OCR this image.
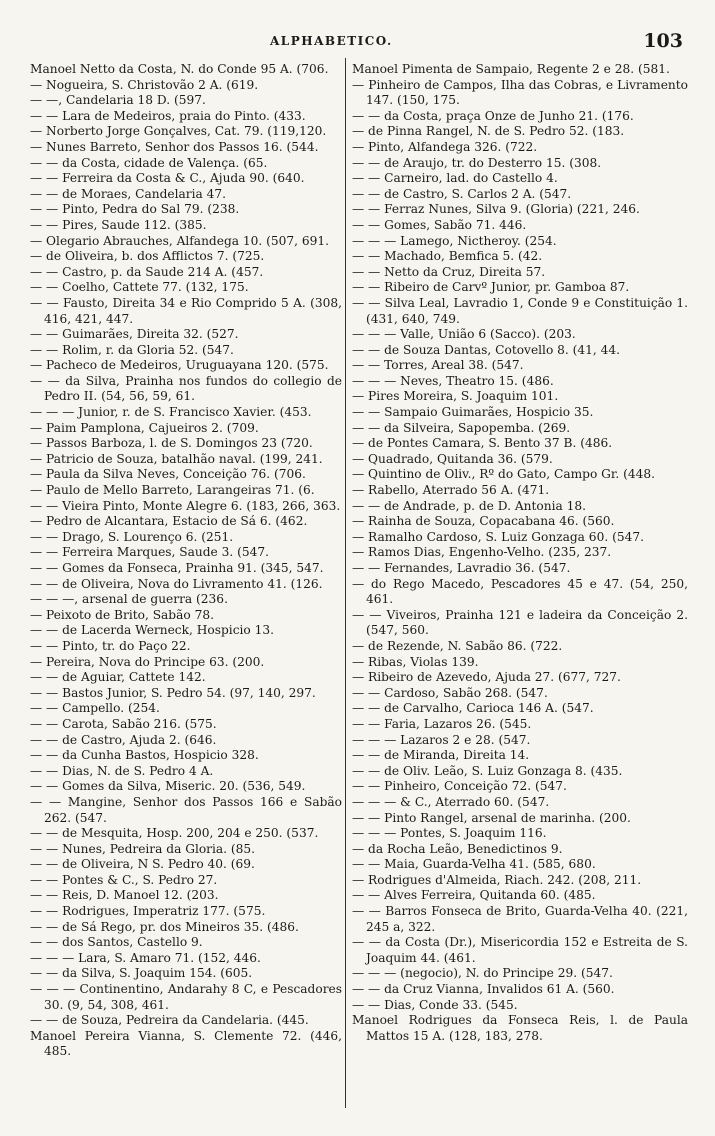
ALPHABETICO.	103
Manoel Netto da Costa, N. do Conde 95 A. (706.
— Nogueira, S. Christovão 2 A. (619.
— —, Candelaria 18 D. (597.
— — Lara de Medeiros, praia do Pinto. (433.
— Norberto Jorge Gonçalves, Cat. 79. (119,120.
— Nunes Barreto, Senhor dos Passos 16. (544.
— — da Costa, cidade de Valença. (65.
— — Ferreira da Costa & C., Ajuda 90. (640.
— — de Moraes, Candelaria 47.
— — Pinto, Pedra do Sal 79. (238.
— — Pires, Saude 112. (385.
— Olegario Abrauches, Alfandega 10. (507, 691.
— de Oliveira, b. dos Afflictos 7. (725.
— — Castro, p. da Saude 214 A. (457.
— — Coelho, Cattete 77. (132, 175.
— — Fausto, Direita 34 e Rio Comprido 5 A. (308, 416, 421, 447.
— — Guimarães, Direita 32. (527.
— — Rolim, r. da Gloria 52. (547.
— Pacheco de Medeiros, Uruguayana 120. (575.
— — da Silva, Prainha nos fundos do collegio de Pedro II. (54, 56, 59, 61.
— — — Junior, r. de S. Francisco Xavier. (453.
— Paim Pamplona, Cajueiros 2. (709.
— Passos Barboza, l. de S. Domingos 23 (720.
— Patricio de Souza, batalhão naval. (199, 241.
— Paula da Silva Neves, Conceição 76. (706.
— Paulo de Mello Barreto, Larangeiras 71. (6.
— — Vieira Pinto, Monte Alegre 6. (183, 266, 363.
— Pedro de Alcantara, Estacio de Sá 6. (462.
— — Drago, S. Lourenço 6. (251.
— — Ferreira Marques, Saude 3. (547.
— — Gomes da Fonseca, Prainha 91. (345, 547.
— — de Oliveira, Nova do Livramento 41. (126.
— — —, arsenal de guerra (236.
— Peixoto de Brito, Sabão 78.
— — de Lacerda Werneck, Hospicio 13.
— — Pinto, tr. do Paço 22.
— Pereira, Nova do Principe 63. (200.
— — de Aguiar, Cattete 142.
— — Bastos Junior, S. Pedro 54. (97, 140, 297.
— — Campello. (254.
— — Carota, Sabão 216. (575.
— — de Castro, Ajuda 2. (646.
— — da Cunha Bastos, Hospicio 328.
— — Dias, N. de S. Pedro 4 A.
— — Gomes da Silva, Miseric. 20. (536, 549.
— — Mangine, Senhor dos Passos 166 e Sabão 262. (547.
— — de Mesquita, Hosp. 200, 204 e 250. (537.
— — Nunes, Pedreira da Gloria. (85.
— — de Oliveira, N S. Pedro 40. (69.
— — Pontes & C., S. Pedro 27.
— — Reis, D. Manoel 12. (203.
— — Rodrigues, Imperatriz 177. (575.
— — de Sá Rego, pr. dos Mineiros 35. (486.
— — dos Santos, Castello 9.
— — — Lara, S. Amaro 71. (152, 446.
— — da Silva, S. Joaquim 154. (605.
— — — Continentino, Andarahy 8 C, e Pescadores 30. (9, 54, 308, 461.
— — de Souza, Pedreira da Candelaria. (445.
Manoel Pereira Vianna, S. Clemente 72. (446, 485.
Manoel Pimenta de Sampaio, Regente 2 e 28. (581.
— Pinheiro de Campos, Ilha das Cobras, e Livramento 147. (150, 175.
— — da Costa, praça Onze de Junho 21. (176.
— de Pinna Rangel, N. de S. Pedro 52. (183.
— Pinto, Alfandega 326. (722.
— — de Araujo, tr. do Desterro 15. (308.
— — Carneiro, lad. do Castello 4.
— — de Castro, S. Carlos 2 A. (547.
— — Ferraz Nunes, Silva 9. (Gloria) (221, 246.
— — Gomes, Sabão 71. 446.
— — — Lamego, Nictheroy. (254.
— — Machado, Bemfica 5. (42.
— — Netto da Cruz, Direita 57.
— — Ribeiro de Carvº Junior, pr. Gamboa 87.
— — Silva Leal, Lavradio 1, Conde 9 e Constituição 1. (431, 640, 749.
— — — Valle, União 6 (Sacco). (203.
— — de Souza Dantas, Cotovello 8. (41, 44.
— — Torres, Areal 38. (547.
— — — Neves, Theatro 15. (486.
— Pires Moreira, S. Joaquim 101.
— — Sampaio Guimarães, Hospicio 35.
— — da Silveira, Sapopemba. (269.
— de Pontes Camara, S. Bento 37 B. (486.
— Quadrado, Quitanda 36. (579.
— Quintino de Oliv., Rº do Gato, Campo Gr. (448.
— Rabello, Aterrado 56 A. (471.
— — de Andrade, p. de D. Antonia 18.
— Rainha de Souza, Copacabana 46. (560.
— Ramalho Cardoso, S. Luiz Gonzaga 60. (547.
— Ramos Dias, Engenho-Velho. (235, 237.
— — Fernandes, Lavradio 36. (547.
— do Rego Macedo, Pescadores 45 e 47. (54, 250, 461.
— — Viveiros, Prainha 121 e ladeira da Conceição 2. (547, 560.
— de Rezende, N. Sabão 86. (722.
— Ribas, Violas 139.
— Ribeiro de Azevedo, Ajuda 27. (677, 727.
— — Cardoso, Sabão 268. (547.
— — de Carvalho, Carioca 146 A. (547.
— — Faria, Lazaros 26. (545.
— — — Lazaros 2 e 28. (547.
— — de Miranda, Direita 14.
— — de Oliv. Leão, S. Luiz Gonzaga 8. (435.
— — Pinheiro, Conceição 72. (547.
— — — & C., Aterrado 60. (547.
— — Pinto Rangel, arsenal de marinha. (200.
— — — Pontes, S. Joaquim 116.
— da Rocha Leão, Benedictinos 9.
— — Maia, Guarda-Velha 41. (585, 680.
— Rodrigues d'Almeida, Riach. 242. (208, 211.
— — Alves Ferreira, Quitanda 60. (485.
— — Barros Fonseca de Brito, Guarda-Velha 40. (221, 245 a, 322.
— — da Costa (Dr.), Misericordia 152 e Estreita de S. Joaquim 44. (461.
— — — (negocio), N. do Principe 29. (547.
— — da Cruz Vianna, Invalidos 61 A. (560.
— — Dias, Conde 33. (545.
Manoel Rodrigues da Fonseca Reis, l. de Paula Mattos 15 A. (128, 183, 278.
